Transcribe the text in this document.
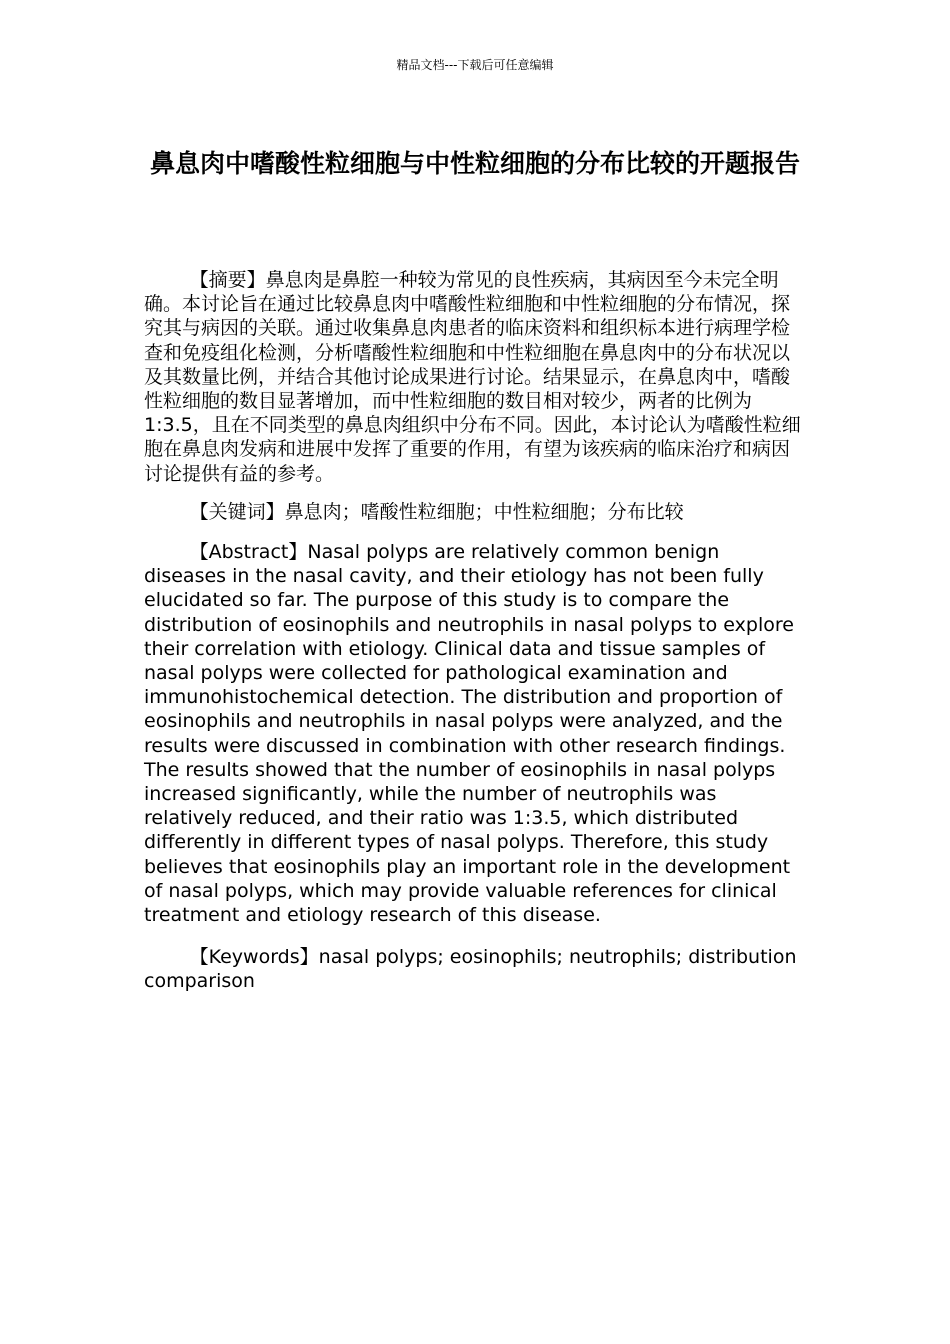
精品文档---下载后可任意编辑
鼻息肉中嗜酸性粒细胞与中性粒细胞的分布比较的开题报告

【摘要】鼻息肉是鼻腔一种较为常见的良性疾病，其病因至今未完全明确。本讨论旨在通过比较鼻息肉中嗜酸性粒细胞和中性粒细胞的分布情况，探究其与病因的关联。通过收集鼻息肉患者的临床资料和组织标本进行病理学检查和免疫组化检测，分析嗜酸性粒细胞和中性粒细胞在鼻息肉中的分布状况以及其数量比例，并结合其他讨论成果进行讨论。结果显示，在鼻息肉中，嗜酸性粒细胞的数目显著增加，而中性粒细胞的数目相对较少，两者的比例为 1:3.5，且在不同类型的鼻息肉组织中分布不同。因此，本讨论认为嗜酸性粒细胞在鼻息肉发病和进展中发挥了重要的作用，有望为该疾病的临床治疗和病因讨论提供有益的参考。

【关键词】鼻息肉；嗜酸性粒细胞；中性粒细胞；分布比较

【Abstract】Nasal polyps are relatively common benign diseases in the nasal cavity, and their etiology has not been fully elucidated so far. The purpose of this study is to compare the distribution of eosinophils and neutrophils in nasal polyps to explore their correlation with etiology. Clinical data and tissue samples of nasal polyps were collected for pathological examination and immunohistochemical detection. The distribution and proportion of eosinophils and neutrophils in nasal polyps were analyzed, and the results were discussed in combination with other research findings. The results showed that the number of eosinophils in nasal polyps increased significantly, while the number of neutrophils was relatively reduced, and their ratio was 1:3.5, which distributed differently in different types of nasal polyps. Therefore, this study believes that eosinophils play an important role in the development of nasal polyps, which may provide valuable references for clinical treatment and etiology research of this disease.

【Keywords】nasal polyps; eosinophils; neutrophils; distribution comparison
